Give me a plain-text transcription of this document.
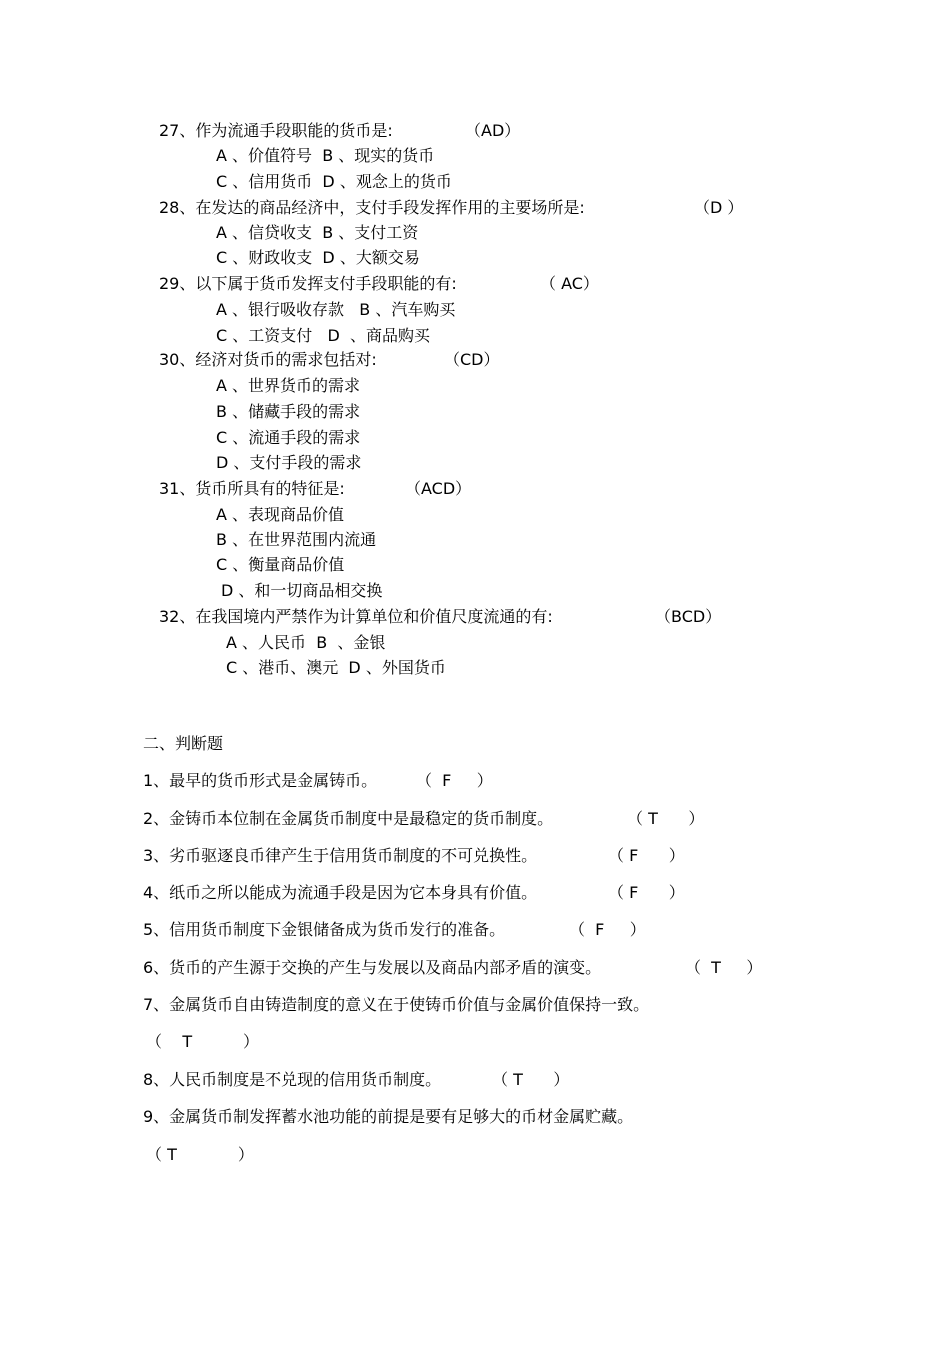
27、作为流通手段职能的货币是:	（AD）
A 、价值符号  B 、现实的货币
C 、信用货币  D 、观念上的货币
28、在发达的商品经济中，支付手段发挥作用的主要场所是:	（D ）
A 、信贷收支  B 、支付工资
C 、财政收支  D 、大额交易
29、以下属于货币发挥支付手段职能的有:	（ AC）
A 、银行吸收存款   B 、汽车购买
C 、工资支付   D  、商品购买
30、经济对货币的需求包括对:	（CD）
A 、世界货币的需求
B 、储藏手段的需求
C 、流通手段的需求
D 、支付手段的需求
31、货币所具有的特征是:	（ACD）
A 、表现商品价值
B 、在世界范围内流通
C 、衡量商品价值
D 、和一切商品相交换
32、在我国境内严禁作为计算单位和价值尺度流通的有:	（BCD）
A 、人民币  B  、金银
C 、港币、澳元  D 、外国货币
二、判断题
1、最早的货币形式是金属铸币。 （  F     ）
2、金铸币本位制在金属货币制度中是最稳定的货币制度。	（ T      ）
3、劣币驱逐良币律产生于信用货币制度的不可兑换性。	（ F      ）
4、纸币之所以能成为流通手段是因为它本身具有价值。	（ F      ）
5、信用货币制度下金银储备成为货币发行的准备。	（  F     ）
6、货币的产生源于交换的产生与发展以及商品内部矛盾的演变。	（  T     ）
7、金属货币自由铸造制度的意义在于使铸币价值与金属价值保持一致。
（    T          ）
8、人民币制度是不兑现的信用货币制度。	（ T      ）
9、金属货币制发挥蓄水池功能的前提是要有足够大的币材金属贮藏。
（ T            ）
